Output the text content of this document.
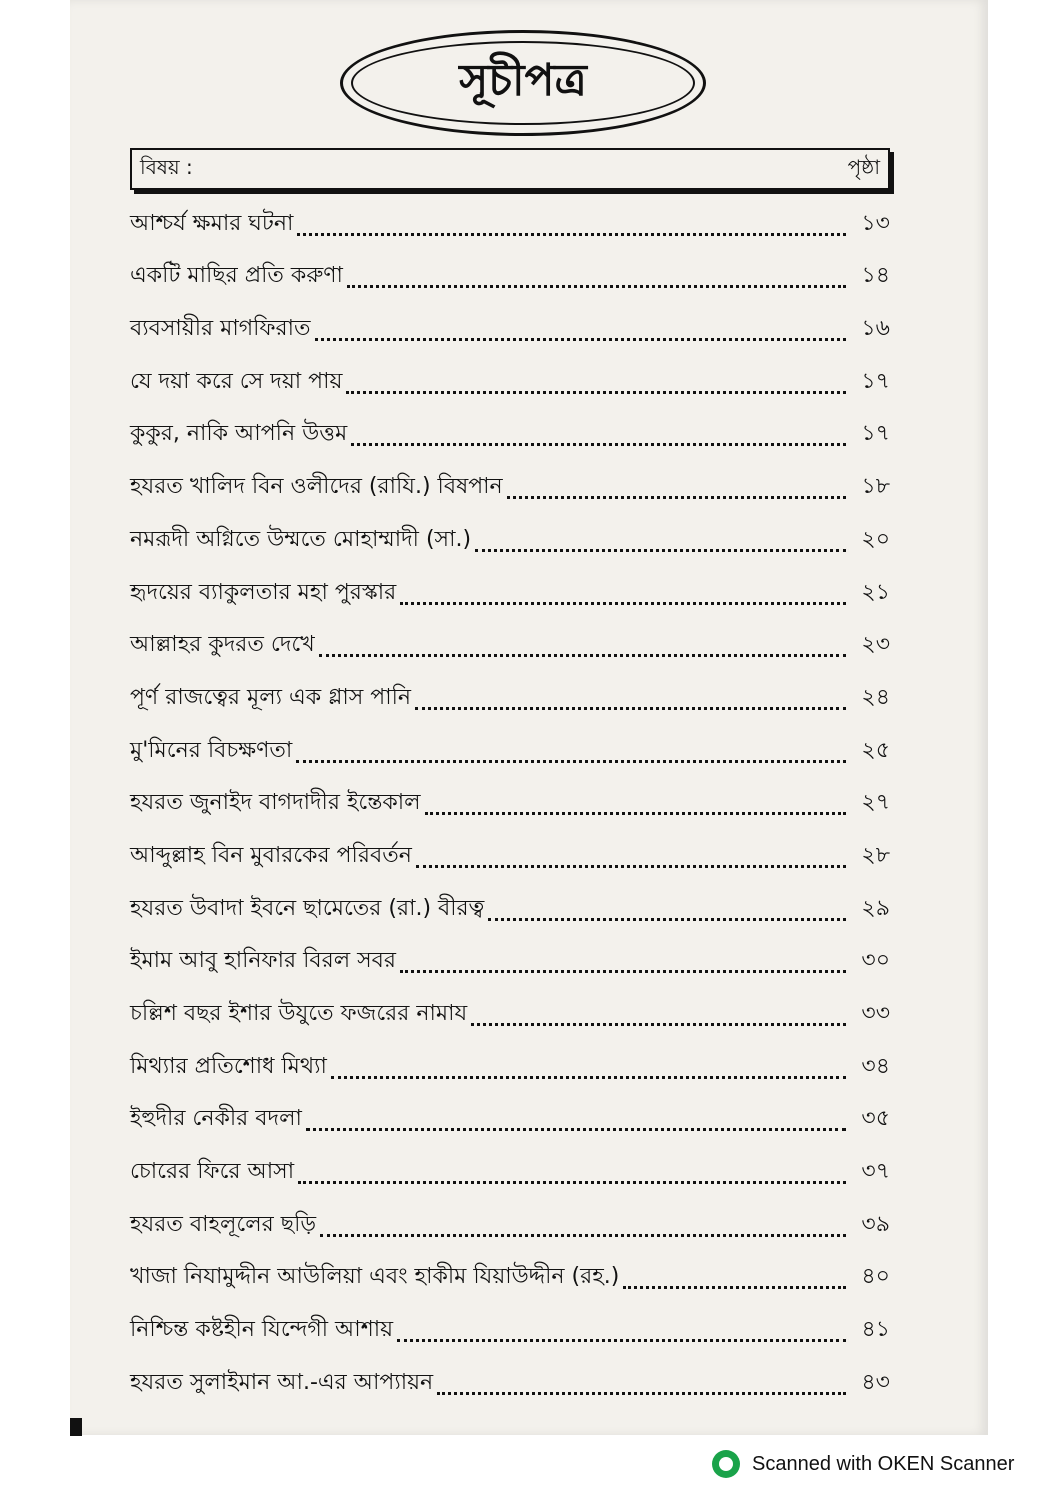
সূচীপত্র
বিষয় :	পৃষ্ঠা
আশ্চর্য ক্ষমার ঘটনা	১৩
একটি মাছির প্রতি করুণা	১৪
ব্যবসায়ীর মাগফিরাত	১৬
যে দয়া করে সে দয়া পায়	১৭
কুকুর, নাকি আপনি উত্তম	১৭
হযরত খালিদ বিন ওলীদের (রাযি.) বিষপান	১৮
নমরূদী অগ্নিতে উম্মতে মোহাম্মাদী (সা.)	২০
হৃদয়ের ব্যাকুলতার মহা পুরস্কার	২১
আল্লাহর কুদরত দেখে	২৩
পূর্ণ রাজত্বের মূল্য এক গ্লাস পানি	২৪
মু'মিনের বিচক্ষণতা	২৫
হযরত জুনাইদ বাগদাদীর ইন্তেকাল	২৭
আব্দুল্লাহ বিন মুবারকের পরিবর্তন	২৮
হযরত উবাদা ইবনে ছামেতের (রা.) বীরত্ব	২৯
ইমাম আবু হানিফার বিরল সবর	৩০
চল্লিশ বছর ইশার উযুতে ফজরের নামায	৩৩
মিথ্যার প্রতিশোধ মিথ্যা	৩৪
ইহুদীর নেকীর বদলা	৩৫
চোরের ফিরে আসা	৩৭
হযরত বাহলূলের ছড়ি	৩৯
খাজা নিযামুদ্দীন আউলিয়া এবং হাকীম যিয়াউদ্দীন (রহ.)	৪০
নিশ্চিন্ত কষ্টহীন যিন্দেগী আশায়	৪১
হযরত সুলাইমান আ.-এর আপ্যায়ন	৪৩
Scanned with OKEN Scanner
